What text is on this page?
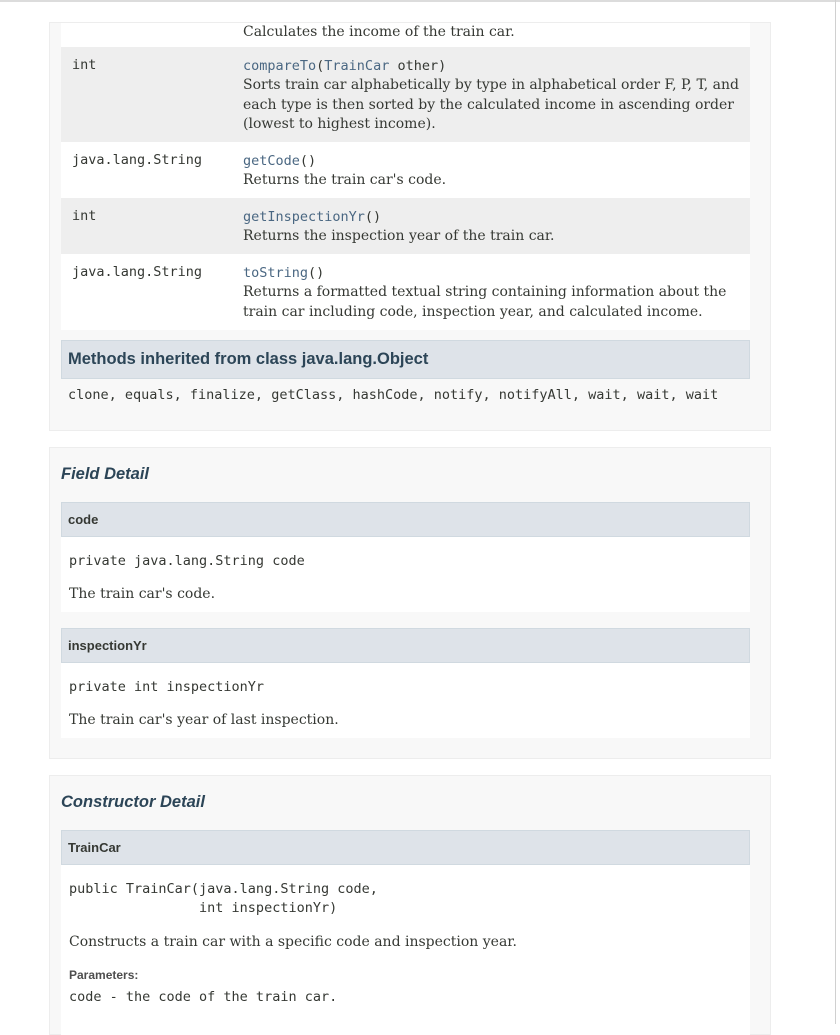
Calculates the income of the train car.
int	compareTo(TrainCar other)
Sorts train car alphabetically by type in alphabetical order F, P, T, and each type is then sorted by the calculated income in ascending order (lowest to highest income).
java.lang.String	getCode()
Returns the train car's code.
int	getInspectionYr()
Returns the inspection year of the train car.
java.lang.String	toString()
Returns a formatted textual string containing information about the train car including code, inspection year, and calculated income.
Methods inherited from class java.lang.Object
clone, equals, finalize, getClass, hashCode, notify, notifyAll, wait, wait, wait
Field Detail
code
private java.lang.String code
The train car's code.
inspectionYr
private int inspectionYr
The train car's year of last inspection.
Constructor Detail
TrainCar
public TrainCar(java.lang.String code,
int inspectionYr)
Constructs a train car with a specific code and inspection year.
Parameters:
code - the code of the train car.
